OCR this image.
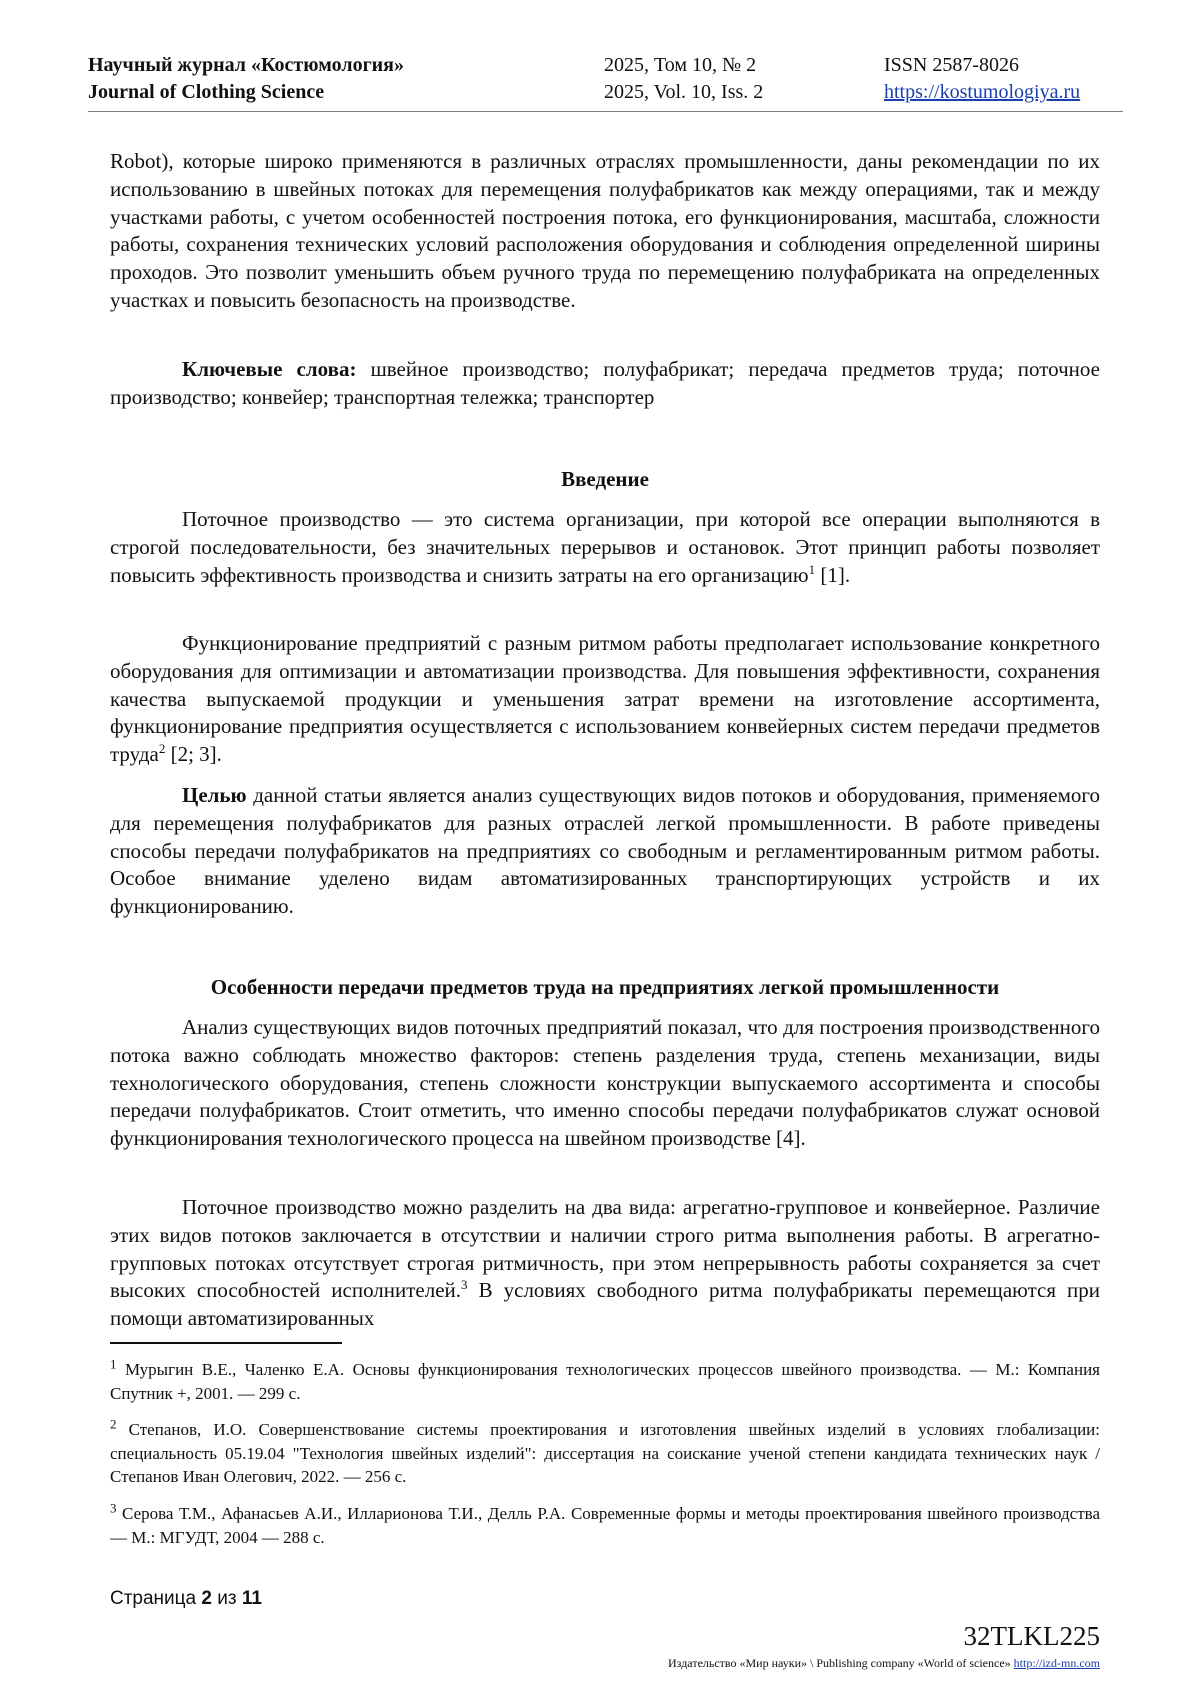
Научный журнал «Костюмология»
Journal of Clothing Science
2025, Том 10, № 2
2025, Vol. 10, Iss. 2
ISSN 2587-8026
https://kostumologiya.ru
Robot), которые широко применяются в различных отраслях промышленности, даны рекомендации по их использованию в швейных потоках для перемещения полуфабрикатов как между операциями, так и между участками работы, с учетом особенностей построения потока, его функционирования, масштаба, сложности работы, сохранения технических условий расположения оборудования и соблюдения определенной ширины проходов. Это позволит уменьшить объем ручного труда по перемещению полуфабриката на определенных участках и повысить безопасность на производстве.
Ключевые слова: швейное производство; полуфабрикат; передача предметов труда; поточное производство; конвейер; транспортная тележка; транспортер
Введение
Поточное производство — это система организации, при которой все операции выполняются в строгой последовательности, без значительных перерывов и остановок. Этот принцип работы позволяет повысить эффективность производства и снизить затраты на его организацию$^1$ [1].
Функционирование предприятий с разным ритмом работы предполагает использование конкретного оборудования для оптимизации и автоматизации производства. Для повышения эффективности, сохранения качества выпускаемой продукции и уменьшения затрат времени на изготовление ассортимента, функционирование предприятия осуществляется с использованием конвейерных систем передачи предметов труда$^2$ [2; 3].
Целью данной статьи является анализ существующих видов потоков и оборудования, применяемого для перемещения полуфабрикатов для разных отраслей легкой промышленности. В работе приведены способы передачи полуфабрикатов на предприятиях со свободным и регламентированным ритмом работы. Особое внимание уделено видам автоматизированных транспортирующих устройств и их функционированию.
Особенности передачи предметов труда на предприятиях легкой промышленности
Анализ существующих видов поточных предприятий показал, что для построения производственного потока важно соблюдать множество факторов: степень разделения труда, степень механизации, виды технологического оборудования, степень сложности конструкции выпускаемого ассортимента и способы передачи полуфабрикатов. Стоит отметить, что именно способы передачи полуфабрикатов служат основой функционирования технологического процесса на швейном производстве [4].
Поточное производство можно разделить на два вида: агрегатно-групповое и конвейерное. Различие этих видов потоков заключается в отсутствии и наличии строго ритма выполнения работы. В агрегатно-групповых потоках отсутствует строгая ритмичность, при этом непрерывность работы сохраняется за счет высоких способностей исполнителей.$^3$ В условиях свободного ритма полуфабрикаты перемещаются при помощи автоматизированных
$^1$ Мурыгин В.Е., Чаленко Е.А. Основы функционирования технологических процессов швейного производства. — М.: Компания Спутник +, 2001. — 299 с.
$^2$ Степанов, И.О. Совершенствование системы проектирования и изготовления швейных изделий в условиях глобализации: специальность 05.19.04 "Технология швейных изделий": диссертация на соискание ученой степени кандидата технических наук / Степанов Иван Олегович, 2022. — 256 с.
$^3$ Серова Т.М., Афанасьев А.И., Илларионова Т.И., Делль Р.А. Современные формы и методы проектирования швейного производства — М.: МГУДТ, 2004 — 288 с.
Страница 2 из 11
32TLKL225
Издательство «Мир науки» \ Publishing company «World of science» http://izd-mn.com
